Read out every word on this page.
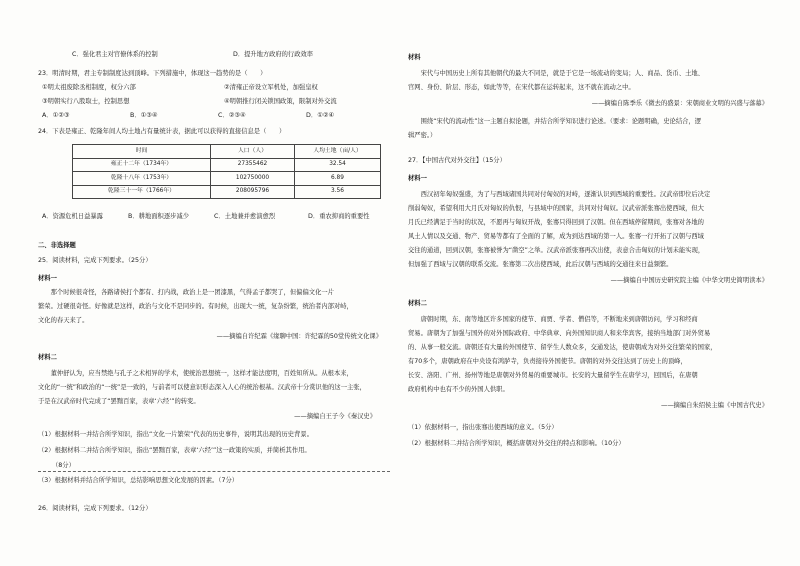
C．强化君主对官僚体系的控制	D．提升地方政府的行政效率
23．明清时期，君主专制制度达到顶峰。下列措施中，体现这一趋势的是（　　）
①明太祖废除丞相制度，权分六部	②清雍正帝设立军机处，加强皇权
③明朝实行八股取士，控制思想	④明朝推行闭关锁国政策，限制对外交流
A．①②③	B．①③④	C．②③④	D．①②④
24．下表是雍正、乾隆年间人均土地占有量统计表，据此可以获得的直接信息是（　　）
时间	人口（人）	人均土地（亩/人）
雍正十二年（1734年）	27355462	32.54
乾隆十八年（1753年）	102750000	6.89
乾隆三十一年（1766年）	208095796	3.56
A．资源危机日益暴露	B．耕地面积逐步减少	C．土地兼并愈演愈烈	D．重农抑商的重要性
二、非选择题
25．阅读材料，完成下列要求。（25分）
材料一
　　那个时候很奇怪，各路诸侯打个都有、打内战，政治上是一团漆黑，气得孟子都哭了，但偏偏文化一片
繁荣。过硬很奇怪。好像就是这样，政治与文化不是同步的。有时候，出现大一统，复杂纷繁，统治者内部对峙，
文化的春天来了。
——摘编自许纪霖《缘聊中国：许纪霖的50堂传统文化课》
材料二
　　董仲舒认为，应当禁绝与孔子之术相异的学术，使统治思想统一，这样才能法度明，百姓知所从。从根本来，
文化的“一统”和政治的“一统”是一致的，与前者可以使意识形态深入人心的统治根基。汉武帝十分赏识他的这一主张，
于是在汉武帝时代完成了“罢黜百家，表章‘六经’”的转变。
——摘编自王子今《秦汉史》
（1）根据材料一并结合所学知识，指出“文化一片繁荣”代表的历史事件，说明其出现的历史背景。
（2）根据材料二并结合所学知识，指出“罢黜百家，表章‘六经’”这一政策的实质，并简析其作用。
（8分）
（3）根据材料并结合所学知识，总结影响思想文化发展的因素。（7分）
26．阅读材料，完成下列要求。（12分）
材料
　　宋代与中国历史上所有其他朝代的最大不同是，就是于它是一场流动的变局；人、商品、货币、土地、
官网、身份、阶层、形态，如此等等，在宋代都在运转起来，这不就在流动之中。
——摘编自陈季乐《微去的盛景：宋朝商业文明的兴盛与落幕》
　　围绕“宋代的流动性”这一主题自拟论题，并结合所学知识进行论述。（要求：论题明确，史论结合，逻
辑严密。）
27．【中国古代对外交往】（15分）
材料一
　　西汉初年匈奴强盛，为了与西域诸国共同对付匈奴的对峙，逐渐认识到西域的重要性。汉武帝即位后决定
削弱匈奴，希望利用大月氏对匈奴的仇恨，与县域中的国家，共同对付匈奴。汉武帝派张骞出使西域，但大
月氏已经满足于当时的状况，不愿再与匈奴开战，张骞只得回到了汉朝。但在西域停留期间，张骞对各地的
风土人情以及交通、物产、贸易等都有了全面的了解，成为到达西域的第一人。张骞一行开拓了汉朝与西域
交往的通道，回到汉朝，张骞被誉为“凿空”之举。汉武帝派张骞再次出使，表意合击匈奴的计划未能实现，
但加强了西域与汉朝的联系交流。张骞第二次出使西域，此后汉朝与西域的交通往来日益频繁。
——摘编自中国历史研究院主编《中华文明史简明读本》
材料二
　　唐朝时期，东、南等地区许多国家的使节、商贾、学者、僧侣等，不断地来到唐朝访问，学习和经商
贸易。唐朝为了加强与国外的对外国际政府、中华典章、向外国知识商人和来华宾客，接纳当地部门对外贸易
的、从事一般交流。唐朝还有大量的外国使节、留学生人数众多，交通发达，使唐朝成为对外交往繁荣的国家，
有70多个，唐朝政府在中央设有鸿胪寺，负责接待外国使节。唐朝的对外交往达到了历史上的顶峰，
长安、洛阳、广州、扬州等地是唐朝对外贸易的重要城市。长安的大量留学生在唐学习，回国后，在唐朝
政府机构中也有不少的外国人供职。
——摘编自朱绍侯主编《中国古代史》
（1）依据材料一，指出张骞出使西域的意义。（5分）
（2）根据材料二并结合所学知识，概括唐朝对外交往的特点和影响。（10分）
